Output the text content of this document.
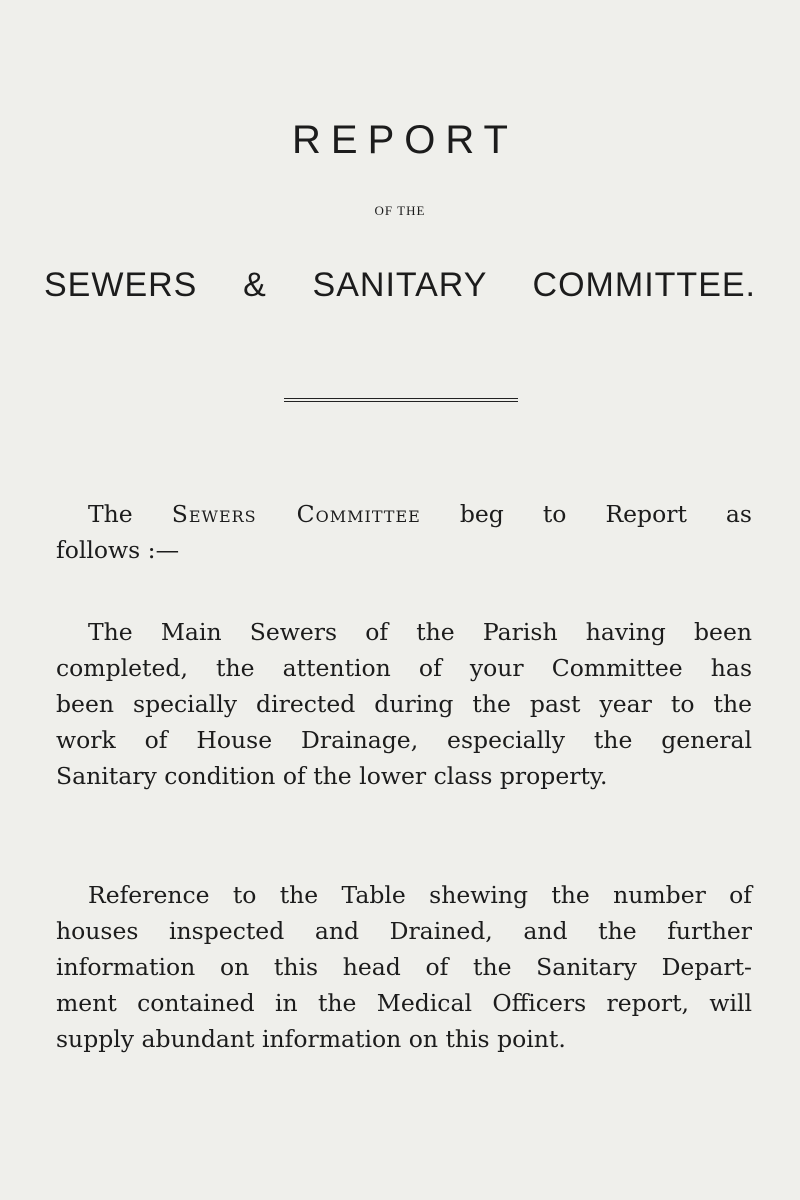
REPORT
OF THE
SEWERS & SANITARY COMMITTEE.
The Sewers Committee beg to Report as
follows :—
The Main Sewers of the Parish having been
completed, the attention of your Committee has
been specially directed during the past year to the
work of House Drainage, especially the general
Sanitary condition of the lower class property.
Reference to the Table shewing the number of
houses inspected and Drained, and the further
information on this head of the Sanitary Depart-
ment contained in the Medical Officers report, will
supply abundant information on this point.
